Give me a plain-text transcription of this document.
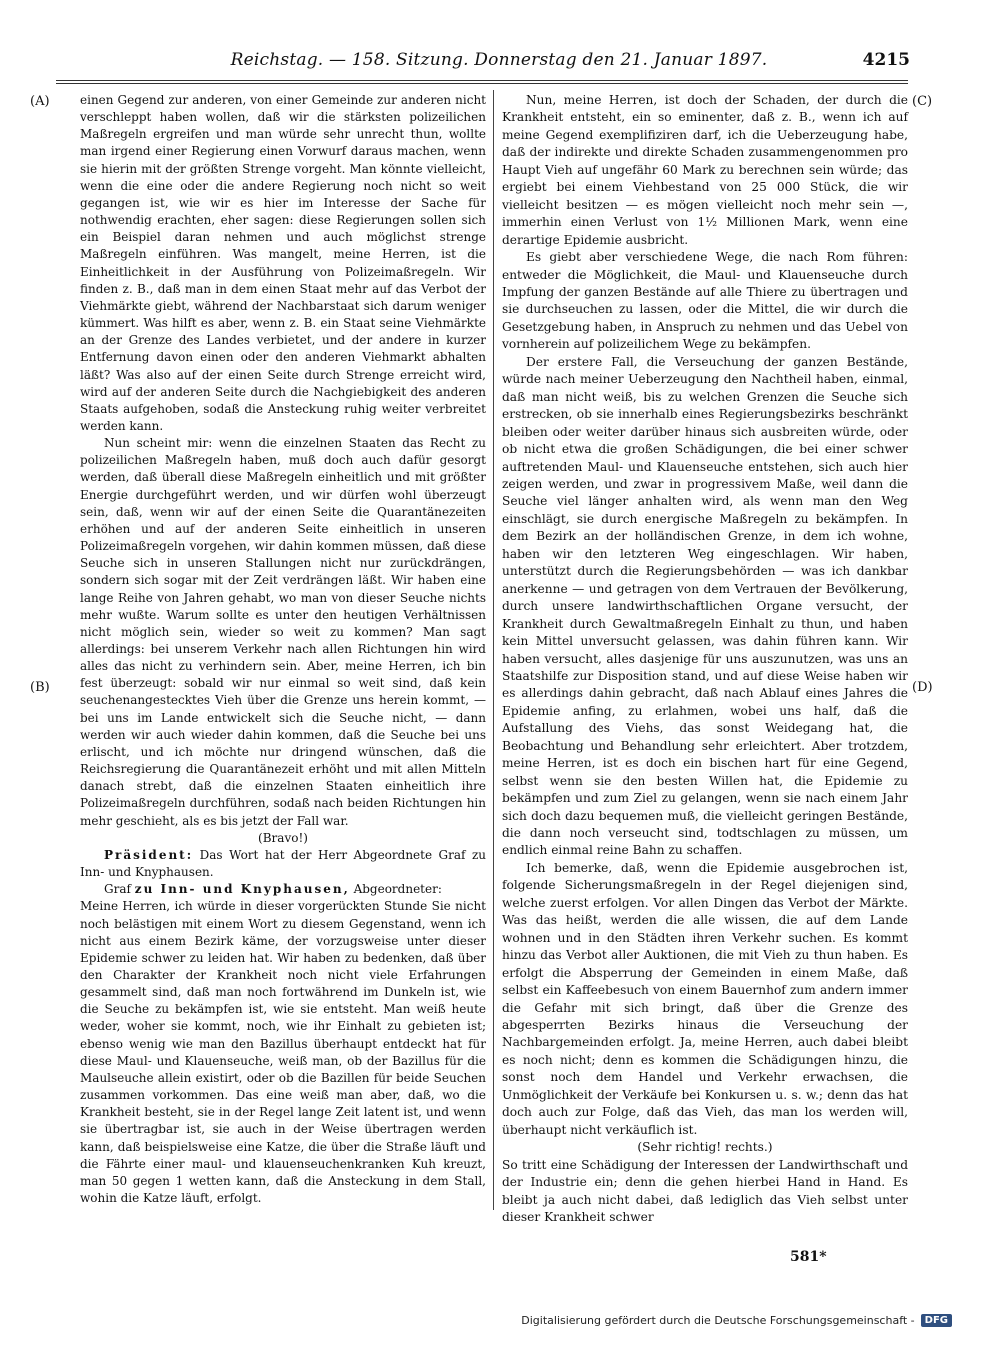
Reichstag. — 158. Sitzung. Donnerstag den 21. Januar 1897.	4215
(A)
(B)
(C)
(D)

einen Gegend zur anderen, von einer Gemeinde zur anderen nicht verschleppt haben wollen, daß wir die stärksten polizeilichen Maßregeln ergreifen und man würde sehr unrecht thun, wollte man irgend einer Regierung einen Vorwurf daraus machen, wenn sie hierin mit der größten Strenge vorgeht. Man könnte vielleicht, wenn die eine oder die andere Regierung noch nicht so weit gegangen ist, wie wir es hier im Interesse der Sache für nothwendig erachten, eher sagen: diese Regierungen sollen sich ein Beispiel daran nehmen und auch möglichst strenge Maßregeln einführen. Was mangelt, meine Herren, ist die Einheitlichkeit in der Ausführung von Polizeimaßregeln. Wir finden z. B., daß man in dem einen Staat mehr auf das Verbot der Viehmärkte giebt, während der Nachbarstaat sich darum weniger kümmert. Was hilft es aber, wenn z. B. ein Staat seine Viehmärkte an der Grenze des Landes verbietet, und der andere in kurzer Entfernung davon einen oder den anderen Viehmarkt abhalten läßt? Was also auf der einen Seite durch Strenge erreicht wird, wird auf der anderen Seite durch die Nachgiebigkeit des anderen Staats aufgehoben, sodaß die Ansteckung ruhig weiter verbreitet werden kann.

Nun scheint mir: wenn die einzelnen Staaten das Recht zu polizeilichen Maßregeln haben, muß doch auch dafür gesorgt werden, daß überall diese Maßregeln einheitlich und mit größter Energie durchgeführt werden, und wir dürfen wohl überzeugt sein, daß, wenn wir auf der einen Seite die Quarantänezeiten erhöhen und auf der anderen Seite einheitlich in unseren Polizeimaßregeln vorgehen, wir dahin kommen müssen, daß diese Seuche sich in unseren Stallungen nicht nur zurückdrängen, sondern sich sogar mit der Zeit verdrängen läßt. Wir haben eine lange Reihe von Jahren gehabt, wo man von dieser Seuche nichts mehr wußte. Warum sollte es unter den heutigen Verhältnissen nicht möglich sein, wieder so weit zu kommen? Man sagt allerdings: bei unserem Verkehr nach allen Richtungen hin wird alles das nicht zu verhindern sein. Aber, meine Herren, ich bin fest überzeugt: sobald wir nur einmal so weit sind, daß kein seuchenangestecktes Vieh über die Grenze uns herein kommt, — bei uns im Lande entwickelt sich die Seuche nicht, — dann werden wir auch wieder dahin kommen, daß die Seuche bei uns erlischt, und ich möchte nur dringend wünschen, daß die Reichsregierung die Quarantänezeit erhöht und mit allen Mitteln danach strebt, daß die einzelnen Staaten einheitlich ihre Polizeimaßregeln durchführen, sodaß nach beiden Richtungen hin mehr geschieht, als es bis jetzt der Fall war.

(Bravo!)

Präsident: Das Wort hat der Herr Abgeordnete Graf zu Inn- und Knyphausen.

Graf zu Inn- und Knyphausen, Abgeordneter:

Meine Herren, ich würde in dieser vorgerückten Stunde Sie nicht noch belästigen mit einem Wort zu diesem Gegenstand, wenn ich nicht aus einem Bezirk käme, der vorzugsweise unter dieser Epidemie schwer zu leiden hat. Wir haben zu bedenken, daß über den Charakter der Krankheit noch nicht viele Erfahrungen gesammelt sind, daß man noch fortwährend im Dunkeln ist, wie die Seuche zu bekämpfen ist, wie sie entsteht. Man weiß heute weder, woher sie kommt, noch, wie ihr Einhalt zu gebieten ist; ebenso wenig wie man den Bazillus überhaupt entdeckt hat für diese Maul- und Klauenseuche, weiß man, ob der Bazillus für die Maulseuche allein existirt, oder ob die Bazillen für beide Seuchen zusammen vorkommen. Das eine weiß man aber, daß, wo die Krankheit besteht, sie in der Regel lange Zeit latent ist, und wenn sie übertragbar ist, sie auch in der Weise übertragen werden kann, daß beispielsweise eine Katze, die über die Straße läuft und die Fährte einer maul- und klauenseuchenkranken Kuh kreuzt, man 50 gegen 1 wetten kann, daß die Ansteckung in dem Stall, wohin die Katze läuft, erfolgt.

Nun, meine Herren, ist doch der Schaden, der durch die Krankheit entsteht, ein so eminenter, daß z. B., wenn ich auf meine Gegend exemplifiziren darf, ich die Ueberzeugung habe, daß der indirekte und direkte Schaden zusammengenommen pro Haupt Vieh auf ungefähr 60 Mark zu berechnen sein würde; das ergiebt bei einem Viehbestand von 25 000 Stück, die wir vielleicht besitzen — es mögen vielleicht noch mehr sein —, immerhin einen Verlust von 1½ Millionen Mark, wenn eine derartige Epidemie ausbricht.

Es giebt aber verschiedene Wege, die nach Rom führen: entweder die Möglichkeit, die Maul- und Klauenseuche durch Impfung der ganzen Bestände auf alle Thiere zu übertragen und sie durchseuchen zu lassen, oder die Mittel, die wir durch die Gesetzgebung haben, in Anspruch zu nehmen und das Uebel von vornherein auf polizeilichem Wege zu bekämpfen.

Der erstere Fall, die Verseuchung der ganzen Bestände, würde nach meiner Ueberzeugung den Nachtheil haben, einmal, daß man nicht weiß, bis zu welchen Grenzen die Seuche sich erstrecken, ob sie innerhalb eines Regierungsbezirks beschränkt bleiben oder weiter darüber hinaus sich ausbreiten würde, oder ob nicht etwa die großen Schädigungen, die bei einer schwer auftretenden Maul- und Klauenseuche entstehen, sich auch hier zeigen werden, und zwar in progressivem Maße, weil dann die Seuche viel länger anhalten wird, als wenn man den Weg einschlägt, sie durch energische Maßregeln zu bekämpfen. In dem Bezirk an der holländischen Grenze, in dem ich wohne, haben wir den letzteren Weg eingeschlagen. Wir haben, unterstützt durch die Regierungsbehörden — was ich dankbar anerkenne — und getragen von dem Vertrauen der Bevölkerung, durch unsere landwirthschaftlichen Organe versucht, der Krankheit durch Gewaltmaßregeln Einhalt zu thun, und haben kein Mittel unversucht gelassen, was dahin führen kann. Wir haben versucht, alles dasjenige für uns auszunutzen, was uns an Staatshilfe zur Disposition stand, und auf diese Weise haben wir es allerdings dahin gebracht, daß nach Ablauf eines Jahres die Epidemie anfing, zu erlahmen, wobei uns half, daß die Aufstallung des Viehs, das sonst Weidegang hat, die Beobachtung und Behandlung sehr erleichtert. Aber trotzdem, meine Herren, ist es doch ein bischen hart für eine Gegend, selbst wenn sie den besten Willen hat, die Epidemie zu bekämpfen und zum Ziel zu gelangen, wenn sie nach einem Jahr sich doch dazu bequemen muß, die vielleicht geringen Bestände, die dann noch verseucht sind, todtschlagen zu müssen, um endlich einmal reine Bahn zu schaffen.

Ich bemerke, daß, wenn die Epidemie ausgebrochen ist, folgende Sicherungsmaßregeln in der Regel diejenigen sind, welche zuerst erfolgen. Vor allen Dingen das Verbot der Märkte. Was das heißt, werden die alle wissen, die auf dem Lande wohnen und in den Städten ihren Verkehr suchen. Es kommt hinzu das Verbot aller Auktionen, die mit Vieh zu thun haben. Es erfolgt die Absperrung der Gemeinden in einem Maße, daß selbst ein Kaffeebesuch von einem Bauernhof zum andern immer die Gefahr mit sich bringt, daß über die Grenze des abgesperrten Bezirks hinaus die Verseuchung der Nachbargemeinden erfolgt. Ja, meine Herren, auch dabei bleibt es noch nicht; denn es kommen die Schädigungen hinzu, die sonst noch dem Handel und Verkehr erwachsen, die Unmöglichkeit der Verkäufe bei Konkursen u. s. w.; denn das hat doch auch zur Folge, daß das Vieh, das man los werden will, überhaupt nicht verkäuflich ist.

(Sehr richtig! rechts.)

So tritt eine Schädigung der Interessen der Landwirthschaft und der Industrie ein; denn die gehen hierbei Hand in Hand. Es bleibt ja auch nicht dabei, daß lediglich das Vieh selbst unter dieser Krankheit schwer

581*
Digitalisierung gefördert durch die Deutsche Forschungsgemeinschaft -	DFG
